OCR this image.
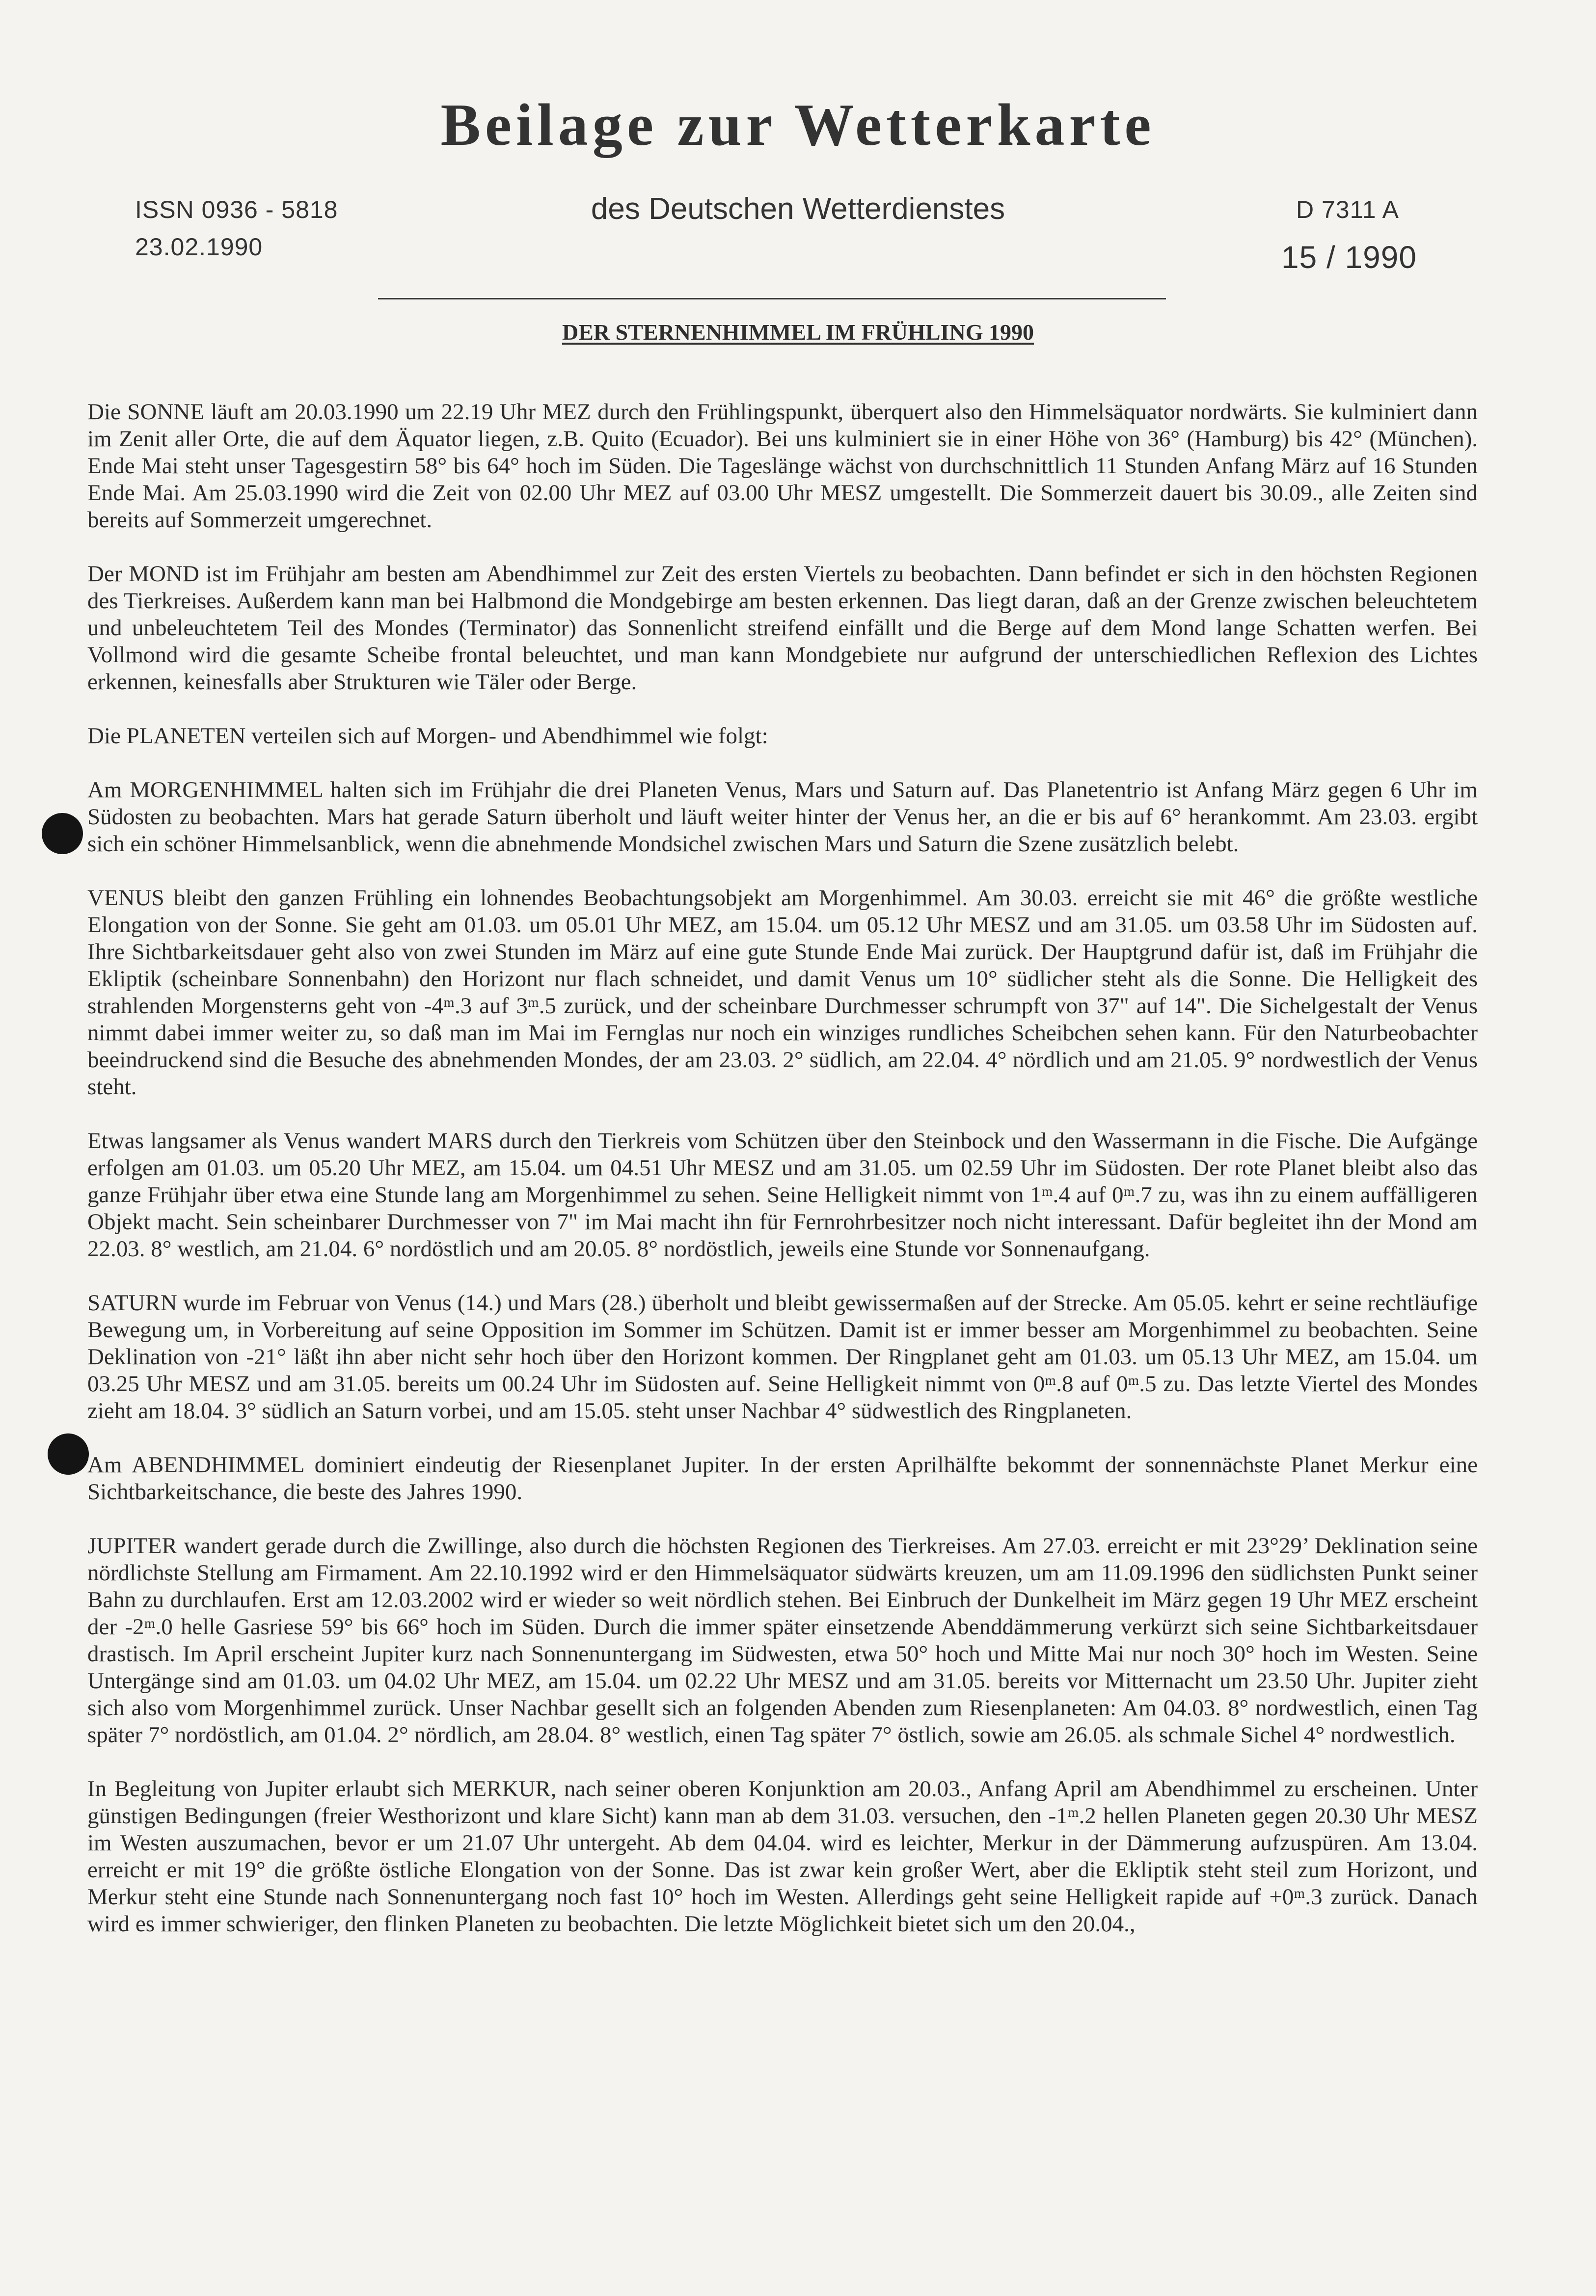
Beilage zur Wetterkarte
ISSN 0936 - 5818
23.02.1990
des Deutschen Wetterdienstes	D 7311 A
15 / 1990
DER STERNENHIMMEL IM FRÜHLING 1990

Die SONNE läuft am 20.03.1990 um 22.19 Uhr MEZ durch den Frühlingspunkt, überquert also den Himmelsäquator nordwärts. Sie kulminiert dann im Zenit aller Orte, die auf dem Äquator liegen, z.B. Quito (Ecuador). Bei uns kulminiert sie in einer Höhe von 36° (Hamburg) bis 42° (München). Ende Mai steht unser Tagesgestirn 58° bis 64° hoch im Süden. Die Tageslänge wächst von durchschnittlich 11 Stunden Anfang März auf 16 Stunden Ende Mai. Am 25.03.1990 wird die Zeit von 02.00 Uhr MEZ auf 03.00 Uhr MESZ umgestellt. Die Sommerzeit dauert bis 30.09., alle Zeiten sind bereits auf Sommerzeit umgerechnet.

Der MOND ist im Frühjahr am besten am Abendhimmel zur Zeit des ersten Viertels zu beobachten. Dann befindet er sich in den höchsten Regionen des Tierkreises. Außerdem kann man bei Halbmond die Mondgebirge am besten erkennen. Das liegt daran, daß an der Grenze zwischen beleuchtetem und unbeleuchtetem Teil des Mondes (Terminator) das Sonnenlicht streifend einfällt und die Berge auf dem Mond lange Schatten werfen. Bei Vollmond wird die gesamte Scheibe frontal beleuchtet, und man kann Mondgebiete nur aufgrund der unterschiedlichen Reflexion des Lichtes erkennen, keinesfalls aber Strukturen wie Täler oder Berge.

Die PLANETEN verteilen sich auf Morgen- und Abendhimmel wie folgt:

Am MORGENHIMMEL halten sich im Frühjahr die drei Planeten Venus, Mars und Saturn auf. Das Planetentrio ist Anfang März gegen 6 Uhr im Südosten zu beobachten. Mars hat gerade Saturn überholt und läuft weiter hinter der Venus her, an die er bis auf 6° herankommt. Am 23.03. ergibt sich ein schöner Himmelsanblick, wenn die abnehmende Mondsichel zwischen Mars und Saturn die Szene zusätzlich belebt.

VENUS bleibt den ganzen Frühling ein lohnendes Beobachtungsobjekt am Morgenhimmel. Am 30.03. erreicht sie mit 46° die größte westliche Elongation von der Sonne. Sie geht am 01.03. um 05.01 Uhr MEZ, am 15.04. um 05.12 Uhr MESZ und am 31.05. um 03.58 Uhr im Südosten auf. Ihre Sichtbarkeitsdauer geht also von zwei Stunden im März auf eine gute Stunde Ende Mai zurück. Der Hauptgrund dafür ist, daß im Frühjahr die Ekliptik (scheinbare Sonnenbahn) den Horizont nur flach schneidet, und damit Venus um 10° südlicher steht als die Sonne. Die Helligkeit des strahlenden Morgensterns geht von -4ᵐ.3 auf 3ᵐ.5 zurück, und der scheinbare Durchmesser schrumpft von 37" auf 14". Die Sichelgestalt der Venus nimmt dabei immer weiter zu, so daß man im Mai im Fernglas nur noch ein winziges rundliches Scheibchen sehen kann. Für den Naturbeobachter beeindruckend sind die Besuche des abnehmenden Mondes, der am 23.03. 2° südlich, am 22.04. 4° nördlich und am 21.05. 9° nordwestlich der Venus steht.

Etwas langsamer als Venus wandert MARS durch den Tierkreis vom Schützen über den Steinbock und den Wassermann in die Fische. Die Aufgänge erfolgen am 01.03. um 05.20 Uhr MEZ, am 15.04. um 04.51 Uhr MESZ und am 31.05. um 02.59 Uhr im Südosten. Der rote Planet bleibt also das ganze Frühjahr über etwa eine Stunde lang am Morgenhimmel zu sehen. Seine Helligkeit nimmt von 1ᵐ.4 auf 0ᵐ.7 zu, was ihn zu einem auffälligeren Objekt macht. Sein scheinbarer Durchmesser von 7" im Mai macht ihn für Fernrohrbesitzer noch nicht interessant. Dafür begleitet ihn der Mond am 22.03. 8° westlich, am 21.04. 6° nordöstlich und am 20.05. 8° nordöstlich, jeweils eine Stunde vor Sonnenaufgang.

SATURN wurde im Februar von Venus (14.) und Mars (28.) überholt und bleibt gewissermaßen auf der Strecke. Am 05.05. kehrt er seine rechtläufige Bewegung um, in Vorbereitung auf seine Opposition im Sommer im Schützen. Damit ist er immer besser am Morgenhimmel zu beobachten. Seine Deklination von -21° läßt ihn aber nicht sehr hoch über den Horizont kommen. Der Ringplanet geht am 01.03. um 05.13 Uhr MEZ, am 15.04. um 03.25 Uhr MESZ und am 31.05. bereits um 00.24 Uhr im Südosten auf. Seine Helligkeit nimmt von 0ᵐ.8 auf 0ᵐ.5 zu. Das letzte Viertel des Mondes zieht am 18.04. 3° südlich an Saturn vorbei, und am 15.05. steht unser Nachbar 4° südwestlich des Ringplaneten.

Am ABENDHIMMEL dominiert eindeutig der Riesenplanet Jupiter. In der ersten Aprilhälfte bekommt der sonnennächste Planet Merkur eine Sichtbarkeitschance, die beste des Jahres 1990.

JUPITER wandert gerade durch die Zwillinge, also durch die höchsten Regionen des Tierkreises. Am 27.03. erreicht er mit 23°29’ Deklination seine nördlichste Stellung am Firmament. Am 22.10.1992 wird er den Himmelsäquator südwärts kreuzen, um am 11.09.1996 den südlichsten Punkt seiner Bahn zu durchlaufen. Erst am 12.03.2002 wird er wieder so weit nördlich stehen. Bei Einbruch der Dunkelheit im März gegen 19 Uhr MEZ erscheint der -2ᵐ.0 helle Gasriese 59° bis 66° hoch im Süden. Durch die immer später einsetzende Abenddämmerung verkürzt sich seine Sichtbarkeitsdauer drastisch. Im April erscheint Jupiter kurz nach Sonnenuntergang im Südwesten, etwa 50° hoch und Mitte Mai nur noch 30° hoch im Westen. Seine Untergänge sind am 01.03. um 04.02 Uhr MEZ, am 15.04. um 02.22 Uhr MESZ und am 31.05. bereits vor Mitternacht um 23.50 Uhr. Jupiter zieht sich also vom Morgenhimmel zurück. Unser Nachbar gesellt sich an folgenden Abenden zum Riesenplaneten: Am 04.03. 8° nordwestlich, einen Tag später 7° nordöstlich, am 01.04. 2° nördlich, am 28.04. 8° westlich, einen Tag später 7° östlich, sowie am 26.05. als schmale Sichel 4° nordwestlich.

In Begleitung von Jupiter erlaubt sich MERKUR, nach seiner oberen Konjunktion am 20.03., Anfang April am Abendhimmel zu erscheinen. Unter günstigen Bedingungen (freier Westhorizont und klare Sicht) kann man ab dem 31.03. versuchen, den -1ᵐ.2 hellen Planeten gegen 20.30 Uhr MESZ im Westen auszumachen, bevor er um 21.07 Uhr untergeht. Ab dem 04.04. wird es leichter, Merkur in der Dämmerung aufzuspüren. Am 13.04. erreicht er mit 19° die größte östliche Elongation von der Sonne. Das ist zwar kein großer Wert, aber die Ekliptik steht steil zum Horizont, und Merkur steht eine Stunde nach Sonnenuntergang noch fast 10° hoch im Westen. Allerdings geht seine Helligkeit rapide auf +0ᵐ.3 zurück. Danach wird es immer schwieriger, den flinken Planeten zu beobachten. Die letzte Möglichkeit bietet sich um den 20.04.,
